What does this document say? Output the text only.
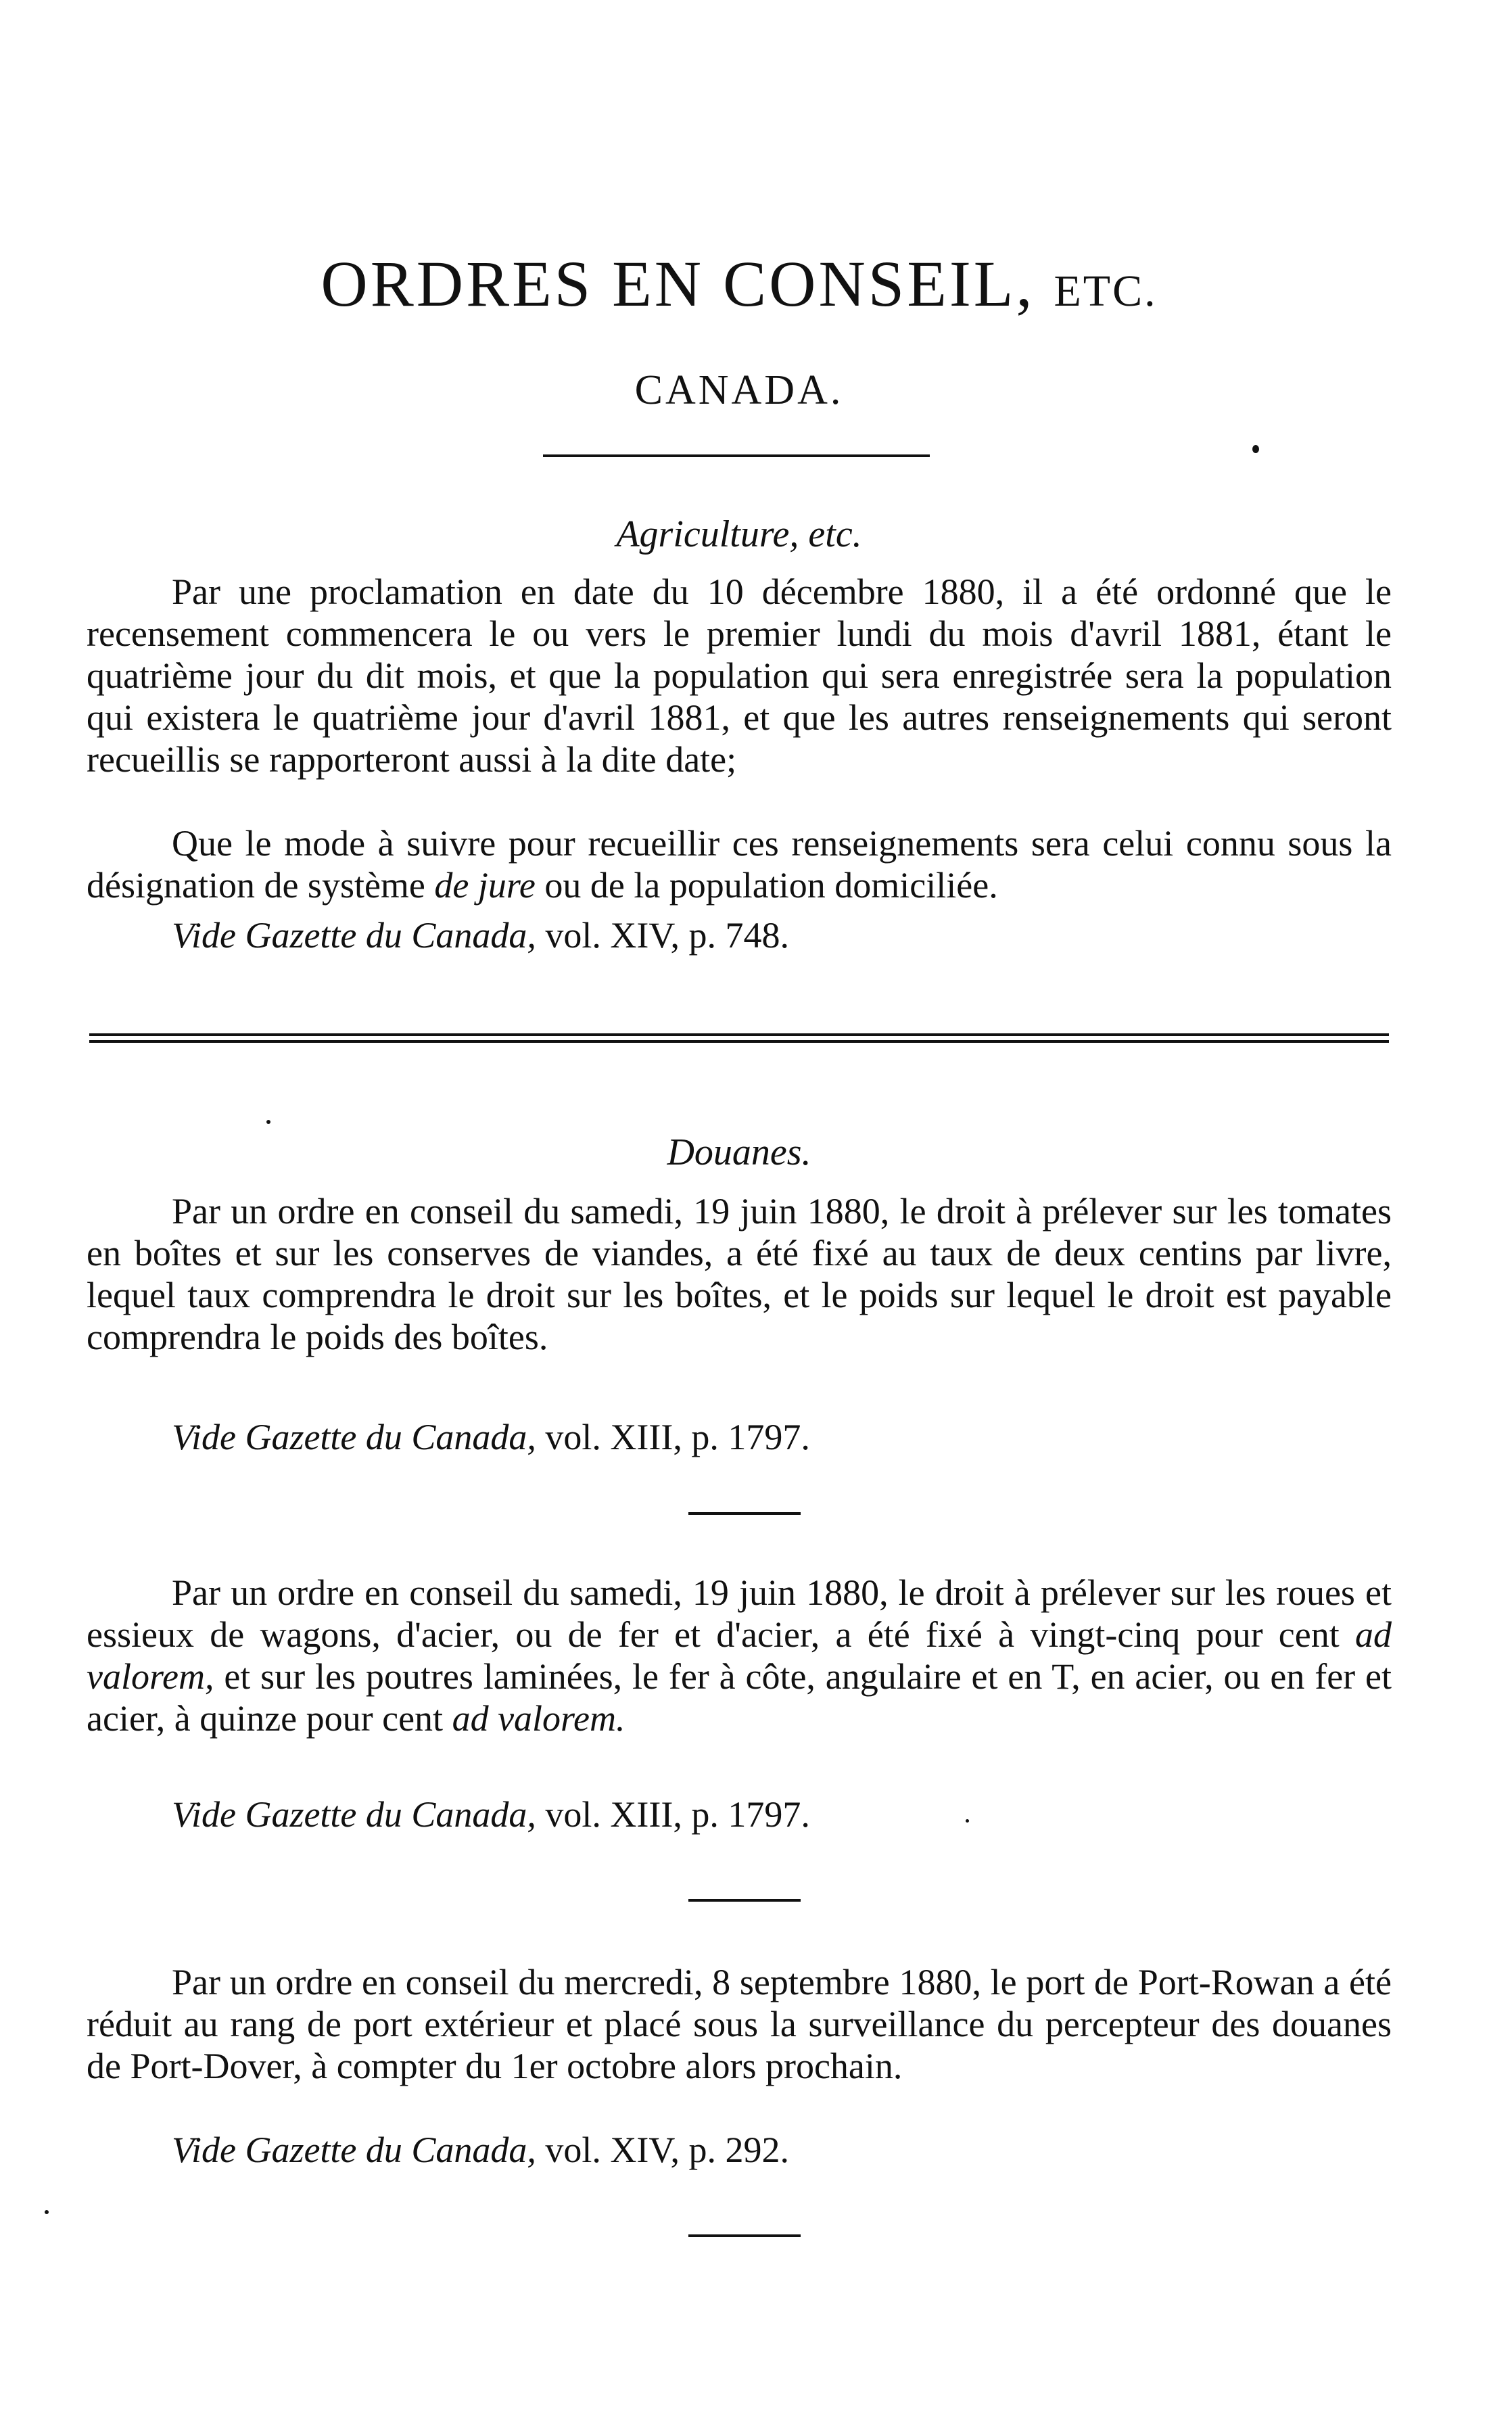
ORDRES EN CONSEIL, ETC.
CANADA.
Agriculture, etc.

Par une proclamation en date du 10 décembre 1880, il a été ordonné que le recensement commencera le ou vers le premier lundi du mois d'avril 1881, étant le quatrième jour du dit mois, et que la population qui sera enregistrée sera la population qui existera le quatrième jour d'avril 1881, et que les autres renseignements qui seront recueillis se rapporteront aussi à la dite date;

Que le mode à suivre pour recueillir ces renseignements sera celui connu sous la désignation de système de jure ou de la population domiciliée.

Vide Gazette du Canada, vol. XIV, p. 748.
Douanes.

Par un ordre en conseil du samedi, 19 juin 1880, le droit à prélever sur les tomates en boîtes et sur les conserves de viandes, a été fixé au taux de deux centins par livre, lequel taux comprendra le droit sur les boîtes, et le poids sur lequel le droit est payable comprendra le poids des boîtes.

Vide Gazette du Canada, vol. XIII, p. 1797.

Par un ordre en conseil du samedi, 19 juin 1880, le droit à prélever sur les roues et essieux de wagons, d'acier, ou de fer et d'acier, a été fixé à vingt-cinq pour cent ad valorem, et sur les poutres laminées, le fer à côte, angulaire et en T, en acier, ou en fer et acier, à quinze pour cent ad valorem.

Vide Gazette du Canada, vol. XIII, p. 1797.

Par un ordre en conseil du mercredi, 8 septembre 1880, le port de Port-Rowan a été réduit au rang de port extérieur et placé sous la surveillance du percepteur des douanes de Port-Dover, à compter du 1er octobre alors prochain.

Vide Gazette du Canada, vol. XIV, p. 292.
